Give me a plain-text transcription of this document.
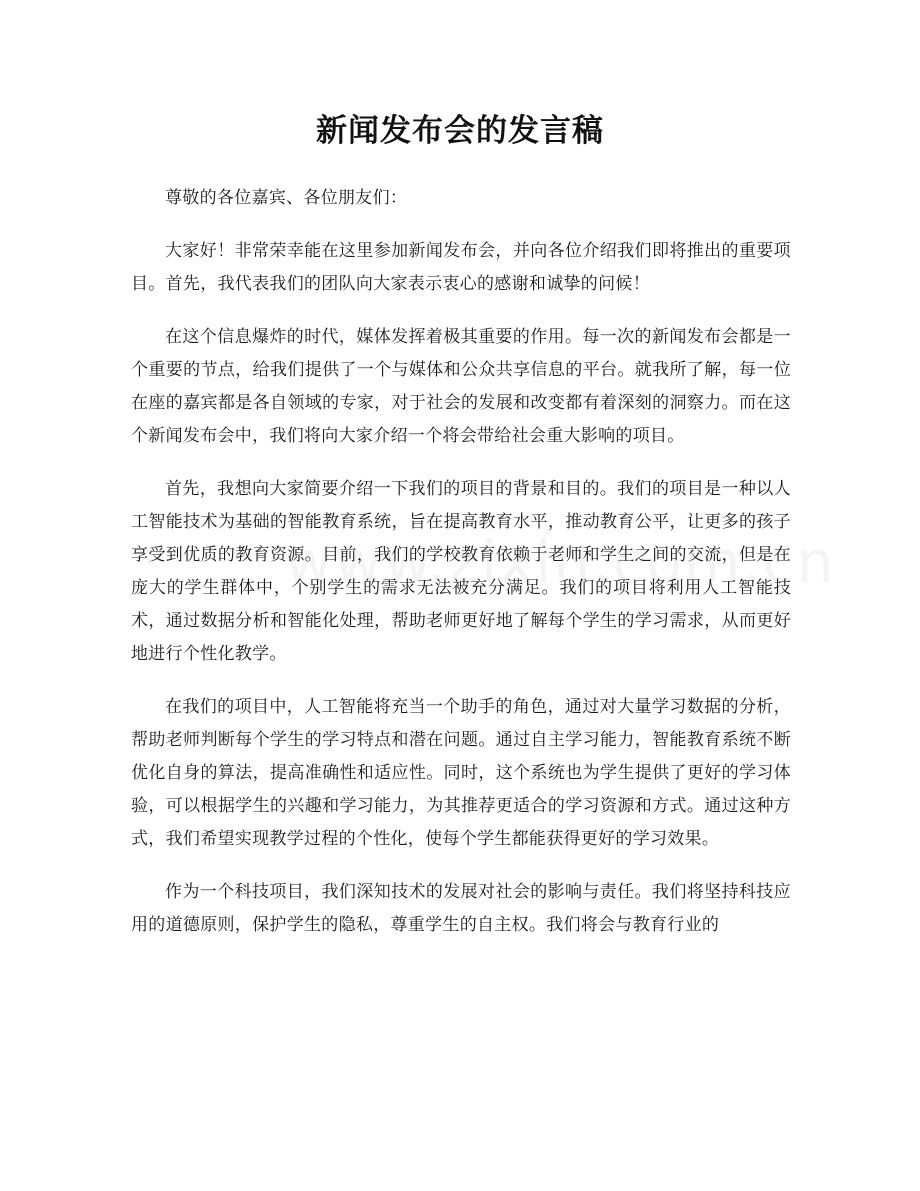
新闻发布会的发言稿

尊敬的各位嘉宾、各位朋友们：

大家好！非常荣幸能在这里参加新闻发布会，并向各位介绍我们即将推出的重要项目。首先，我代表我们的团队向大家表示衷心的感谢和诚挚的问候！

在这个信息爆炸的时代，媒体发挥着极其重要的作用。每一次的新闻发布会都是一个重要的节点，给我们提供了一个与媒体和公众共享信息的平台。就我所了解，每一位在座的嘉宾都是各自领域的专家，对于社会的发展和改变都有着深刻的洞察力。而在这个新闻发布会中，我们将向大家介绍一个将会带给社会重大影响的项目。

首先，我想向大家简要介绍一下我们的项目的背景和目的。我们的项目是一种以人工智能技术为基础的智能教育系统，旨在提高教育水平，推动教育公平，让更多的孩子享受到优质的教育资源。目前，我们的学校教育依赖于老师和学生之间的交流，但是在庞大的学生群体中，个别学生的需求无法被充分满足。我们的项目将利用人工智能技术，通过数据分析和智能化处理，帮助老师更好地了解每个学生的学习需求，从而更好地进行个性化教学。

在我们的项目中，人工智能将充当一个助手的角色，通过对大量学习数据的分析，帮助老师判断每个学生的学习特点和潜在问题。通过自主学习能力，智能教育系统不断优化自身的算法，提高准确性和适应性。同时，这个系统也为学生提供了更好的学习体验，可以根据学生的兴趣和学习能力，为其推荐更适合的学习资源和方式。通过这种方式，我们希望实现教学过程的个性化，使每个学生都能获得更好的学习效果。

作为一个科技项目，我们深知技术的发展对社会的影响与责任。我们将坚持科技应用的道德原则，保护学生的隐私，尊重学生的自主权。我们将会与教育行业的
